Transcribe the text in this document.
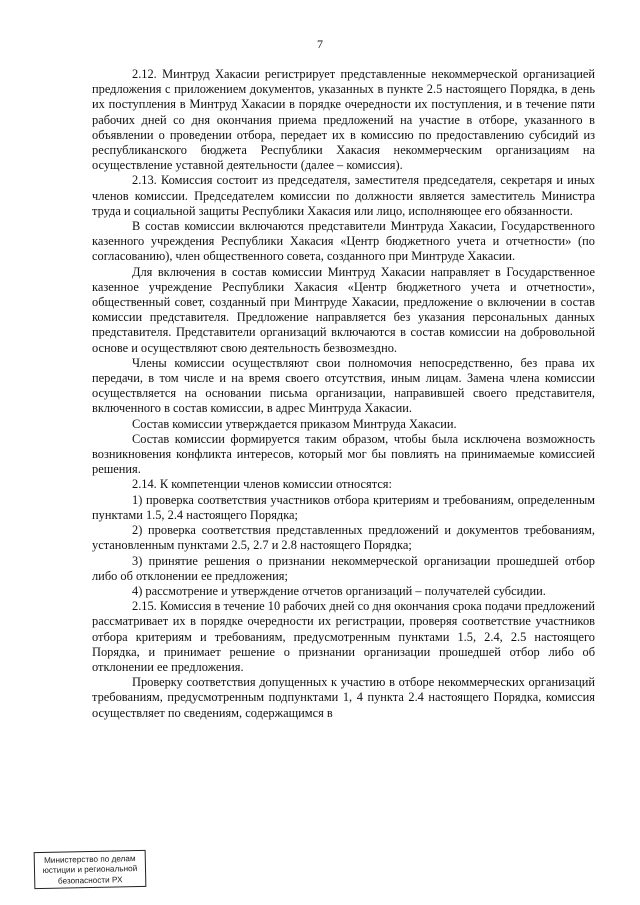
7

2.12. Минтруд Хакасии регистрирует представленные некоммерческой организацией предложения с приложением документов, указанных в пункте 2.5 настоящего Порядка, в день их поступления в Минтруд Хакасии в порядке очередности их поступления, и в течение пяти рабочих дней со дня окончания приема предложений на участие в отборе, указанного в объявлении о проведении отбора, передает их в комиссию по предоставлению субсидий из республиканского бюджета Республики Хакасия некоммерческим организациям на осуществление уставной деятельности (далее – комиссия).

2.13. Комиссия состоит из председателя, заместителя председателя, секретаря и иных членов комиссии. Председателем комиссии по должности является заместитель Министра труда и социальной защиты Республики Хакасия или лицо, исполняющее его обязанности.

В состав комиссии включаются представители Минтруда Хакасии, Государственного казенного учреждения Республики Хакасия «Центр бюджетного учета и отчетности» (по согласованию), член общественного совета, созданного при Минтруде Хакасии.

Для включения в состав комиссии Минтруд Хакасии направляет в Государственное казенное учреждение Республики Хакасия «Центр бюджетного учета и отчетности», общественный совет, созданный при Минтруде Хакасии, предложение о включении в состав комиссии представителя. Предложение направляется без указания персональных данных представителя. Представители организаций включаются в состав комиссии на добровольной основе и осуществляют свою деятельность безвозмездно.

Члены комиссии осуществляют свои полномочия непосредственно, без права их передачи, в том числе и на время своего отсутствия, иным лицам. Замена члена комиссии осуществляется на основании письма организации, направившей своего представителя, включенного в состав комиссии, в адрес Минтруда Хакасии.

Состав комиссии утверждается приказом Минтруда Хакасии.

Состав комиссии формируется таким образом, чтобы была исключена возможность возникновения конфликта интересов, который мог бы повлиять на принимаемые комиссией решения.

2.14. К компетенции членов комиссии относятся:

1) проверка соответствия участников отбора критериям и требованиям, определенным пунктами 1.5, 2.4 настоящего Порядка;

2) проверка соответствия представленных предложений и документов требованиям, установленным пунктами 2.5, 2.7 и 2.8 настоящего Порядка;

3) принятие решения о признании некоммерческой организации прошедшей отбор либо об отклонении ее предложения;

4) рассмотрение и утверждение отчетов организаций – получателей субсидии.

2.15. Комиссия в течение 10 рабочих дней со дня окончания срока подачи предложений рассматривает их в порядке очередности их регистрации, проверяя соответствие участников отбора критериям и требованиям, предусмотренным пунктами 1.5, 2.4, 2.5 настоящего Порядка, и принимает решение о признании организации прошедшей отбор либо об отклонении ее предложения.

Проверку соответствия допущенных к участию в отборе некоммерческих организаций требованиям, предусмотренным подпунктами 1, 4 пункта 2.4 настоящего Порядка, комиссия осуществляет по сведениям, содержащимся в

Министерство по делам
юстиции и региональной
безопасности РХ
